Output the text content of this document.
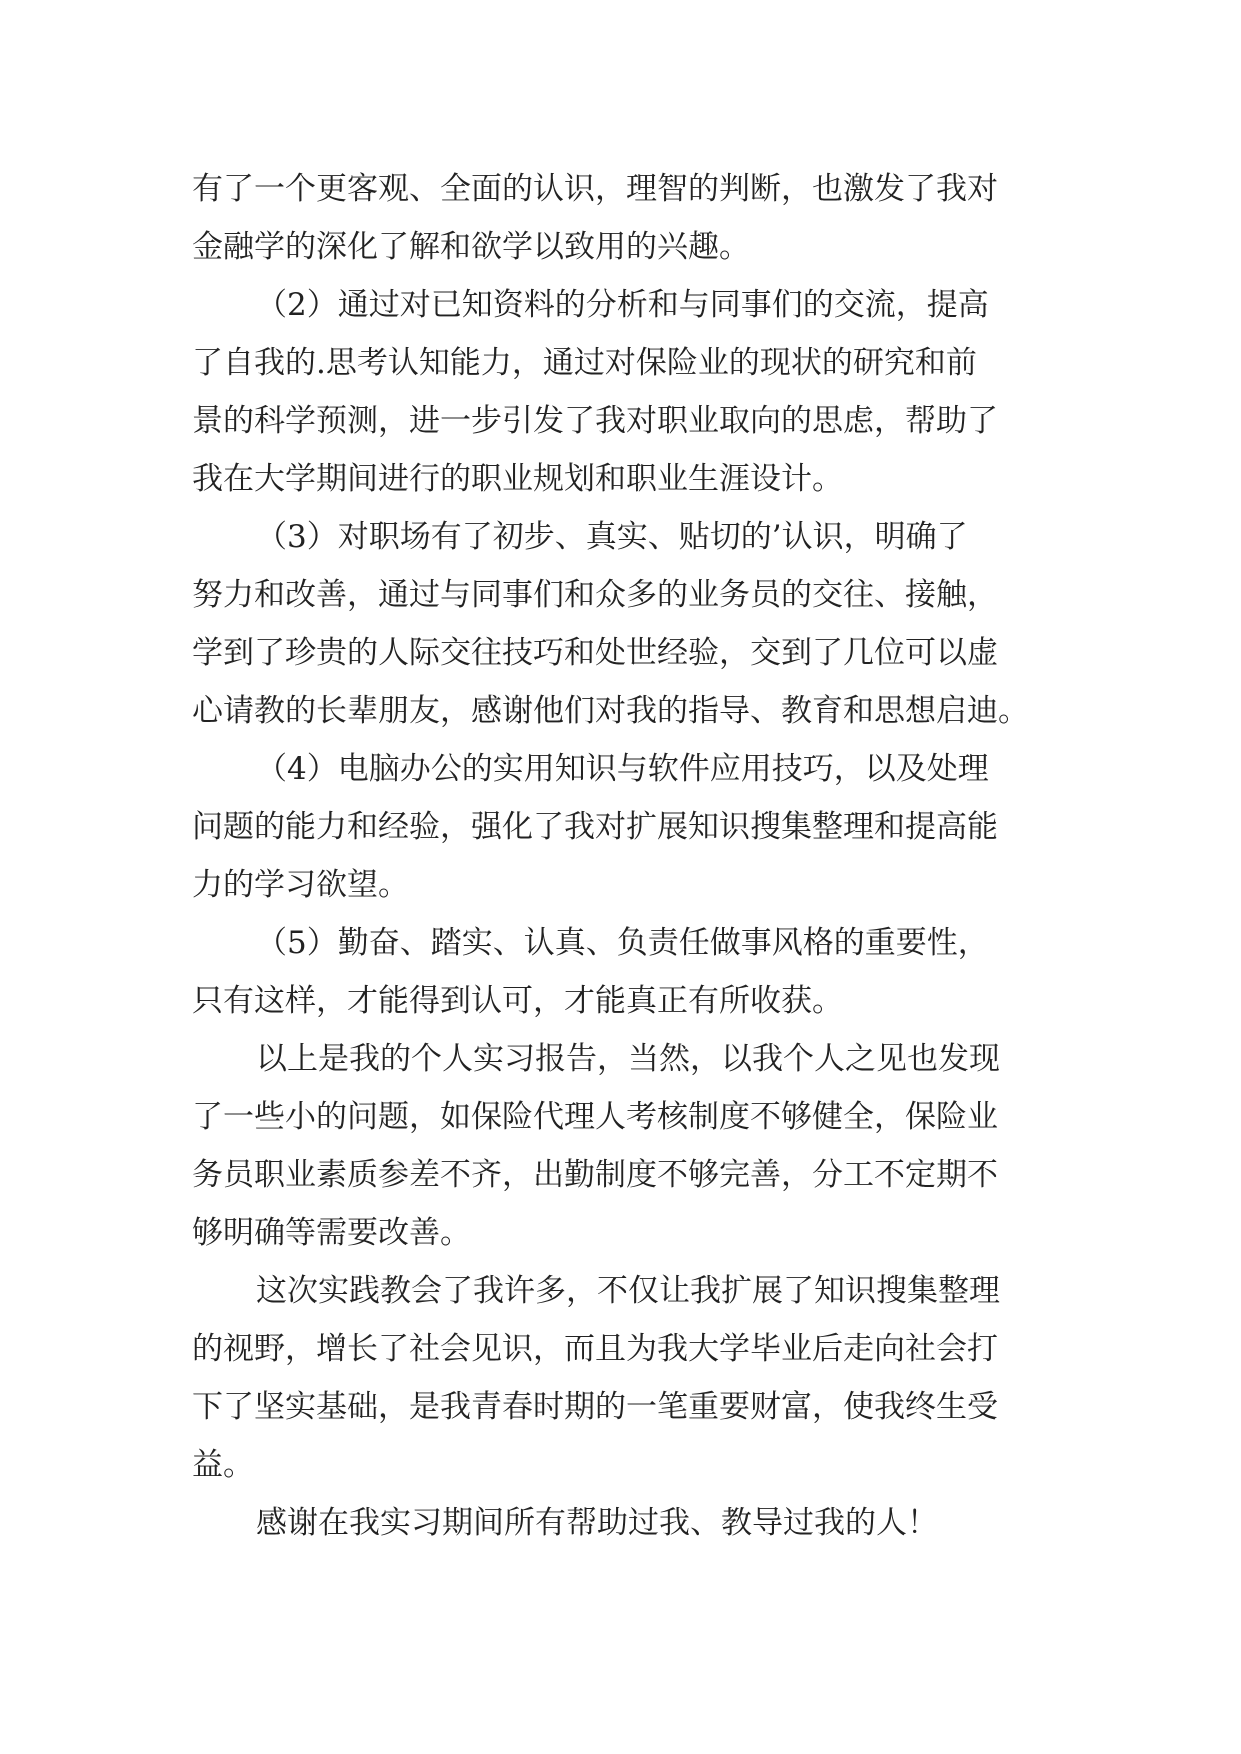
有了一个更客观、全面的认识，理智的判断，也激发了我对
金融学的深化了解和欲学以致用的兴趣。
（2）通过对已知资料的分析和与同事们的交流，提高
了自我的.思考认知能力，通过对保险业的现状的研究和前
景的科学预测，进一步引发了我对职业取向的思虑，帮助了
我在大学期间进行的职业规划和职业生涯设计。
（3）对职场有了初步、真实、贴切的’认识，明确了
努力和改善，通过与同事们和众多的业务员的交往、接触，
学到了珍贵的人际交往技巧和处世经验，交到了几位可以虚
心请教的长辈朋友，感谢他们对我的指导、教育和思想启迪。
（4）电脑办公的实用知识与软件应用技巧，以及处理
问题的能力和经验，强化了我对扩展知识搜集整理和提高能
力的学习欲望。
（5）勤奋、踏实、认真、负责任做事风格的重要性，
只有这样，才能得到认可，才能真正有所收获。
以上是我的个人实习报告，当然，以我个人之见也发现
了一些小的问题，如保险代理人考核制度不够健全，保险业
务员职业素质参差不齐，出勤制度不够完善，分工不定期不
够明确等需要改善。
这次实践教会了我许多，不仅让我扩展了知识搜集整理
的视野，增长了社会见识，而且为我大学毕业后走向社会打
下了坚实基础，是我青春时期的一笔重要财富，使我终生受
益。
感谢在我实习期间所有帮助过我、教导过我的人！
